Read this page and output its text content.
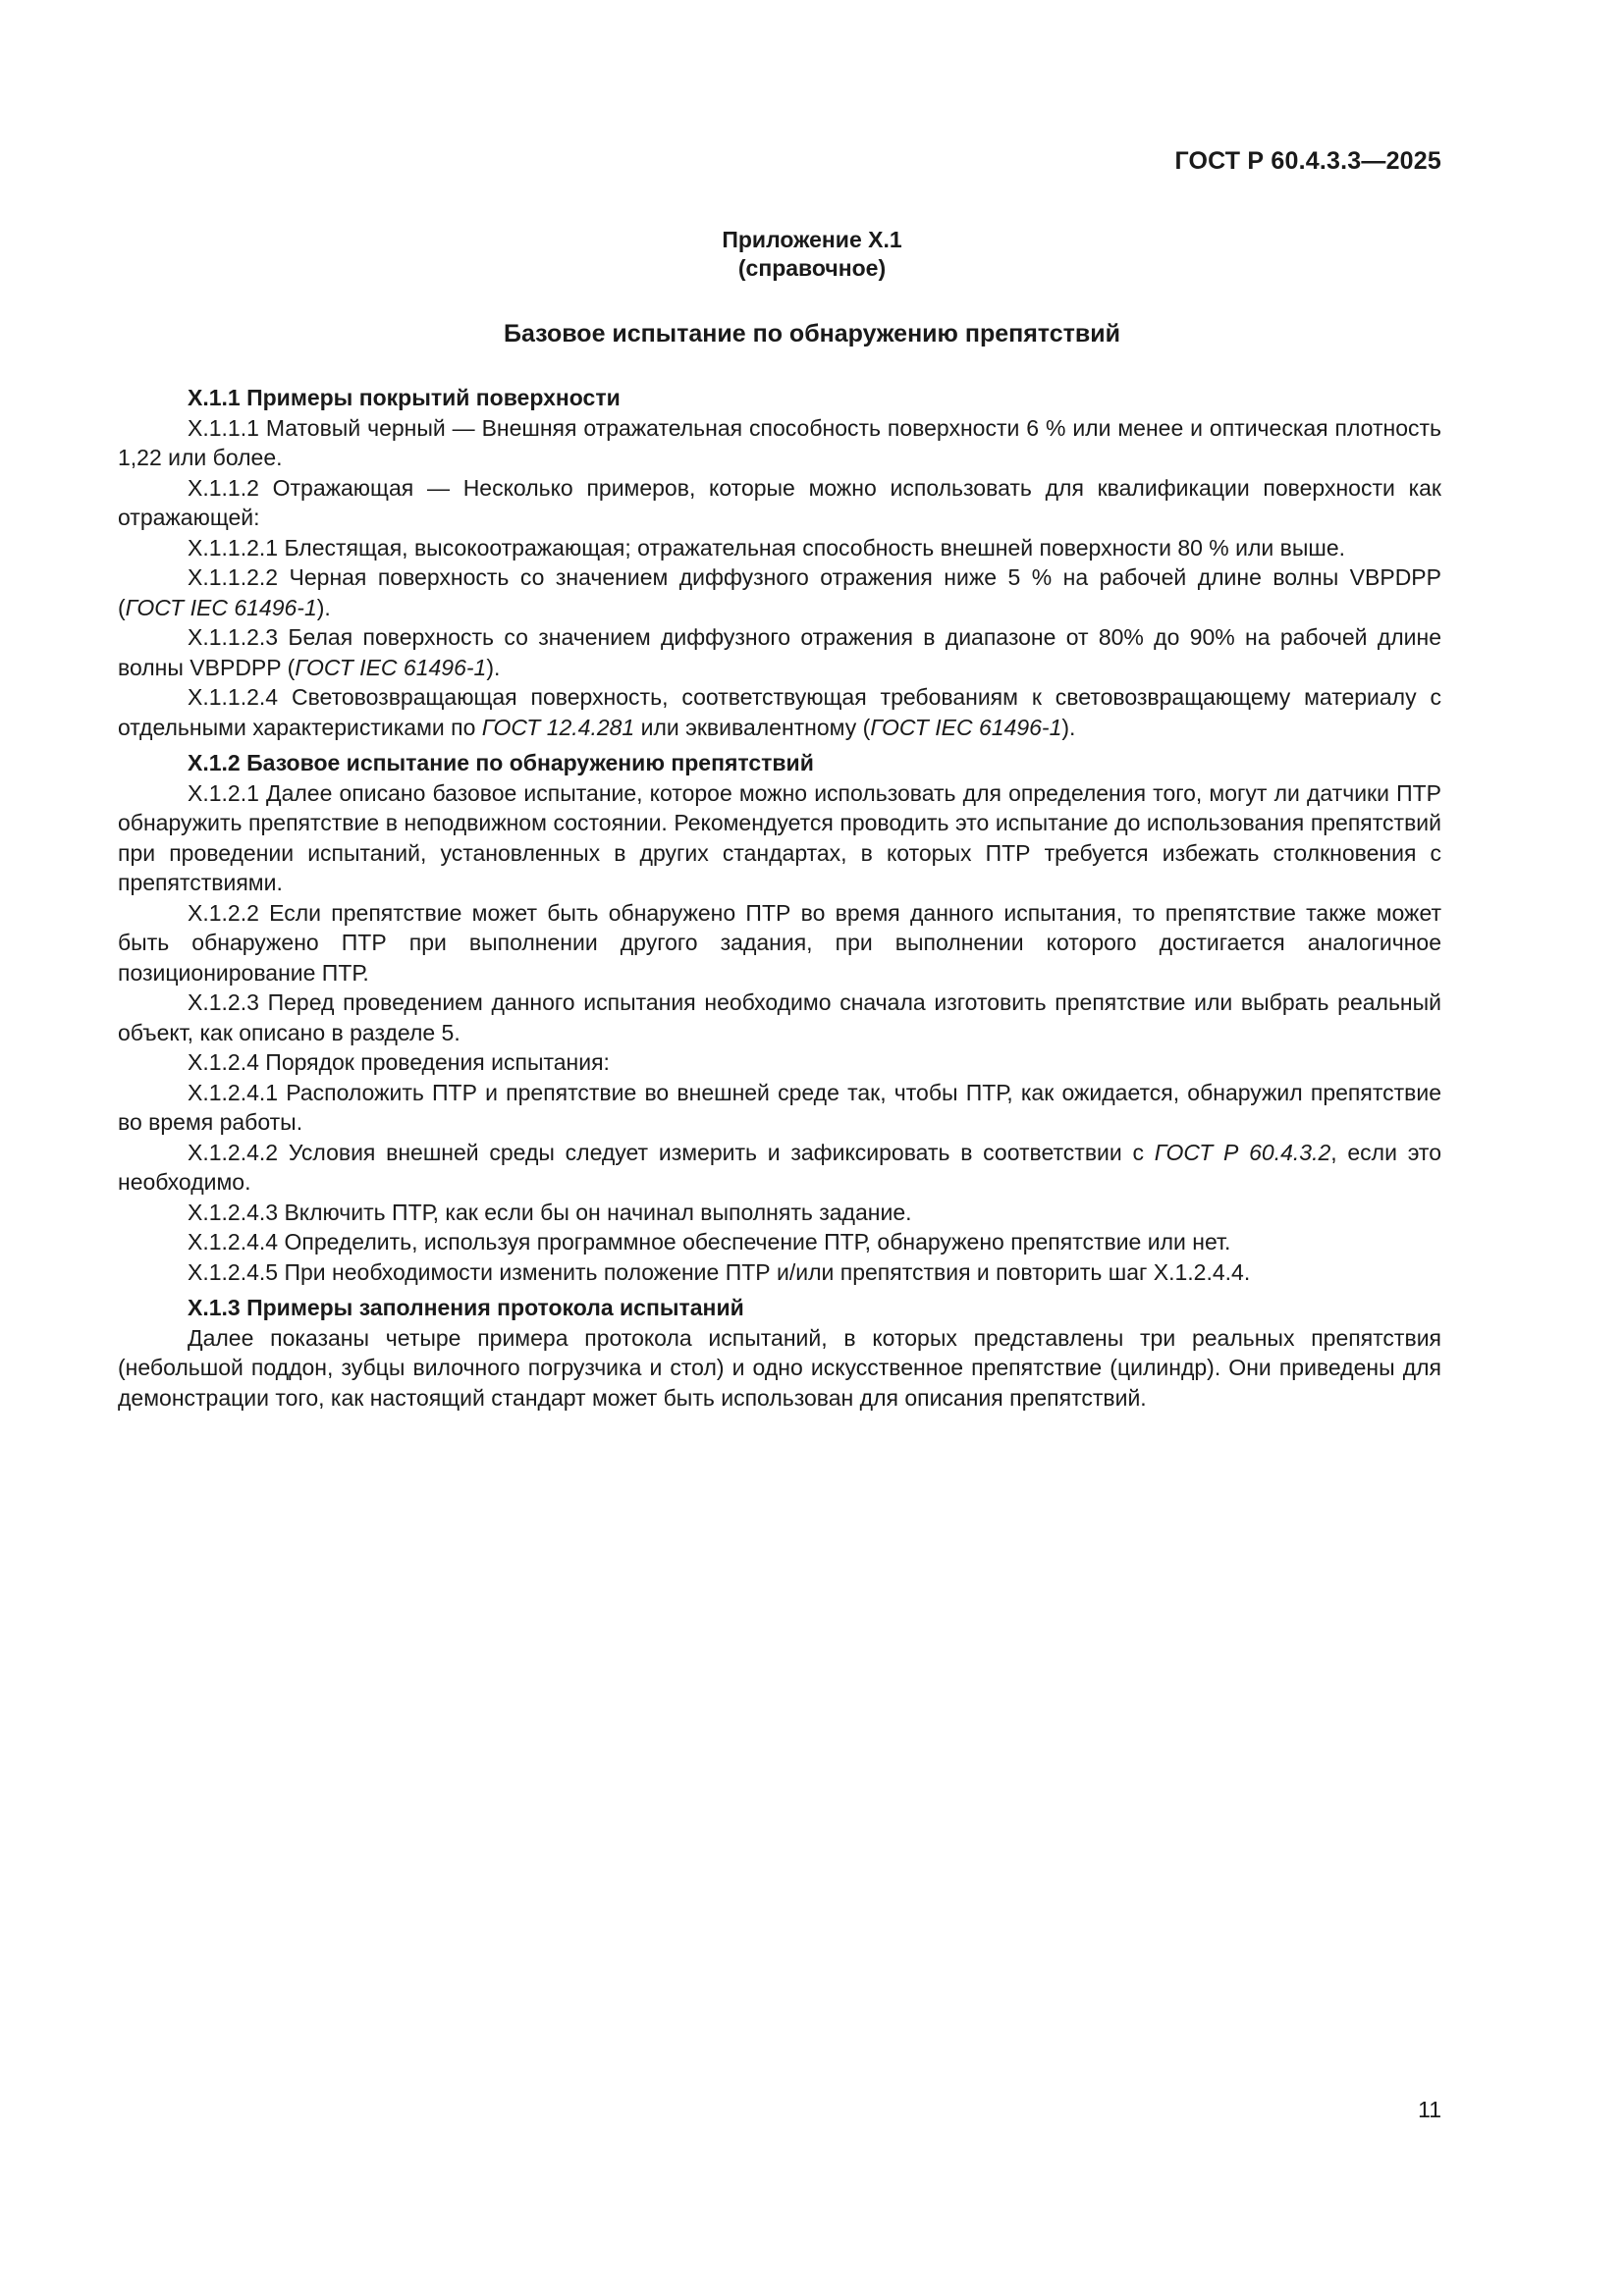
ГОСТ Р 60.4.3.3—2025
Приложение Х.1
(справочное)
Базовое испытание по обнаружению препятствий
Х.1.1 Примеры покрытий поверхности

Х.1.1.1 Матовый черный — Внешняя отражательная способность поверхности 6 % или менее и оптическая плотность 1,22 или более.

Х.1.1.2 Отражающая — Несколько примеров, которые можно использовать для квалификации поверхности как отражающей:

Х.1.1.2.1 Блестящая, высокоотражающая; отражательная способность внешней поверхности 80 % или выше.

Х.1.1.2.2 Черная поверхность со значением диффузного отражения ниже 5 % на рабочей длине волны VBPDPP (ГОСТ IEC 61496-1).

Х.1.1.2.3 Белая поверхность со значением диффузного отражения в диапазоне от 80% до 90% на рабочей длине волны VBPDPP (ГОСТ IEC 61496-1).

Х.1.1.2.4 Световозвращающая поверхность, соответствующая требованиям к световозвращающему материалу с отдельными характеристиками по ГОСТ 12.4.281 или эквивалентному (ГОСТ IEC 61496-1).

Х.1.2 Базовое испытание по обнаружению препятствий

Х.1.2.1 Далее описано базовое испытание, которое можно использовать для определения того, могут ли датчики ПТР обнаружить препятствие в неподвижном состоянии. Рекомендуется проводить это испытание до использования препятствий при проведении испытаний, установленных в других стандартах, в которых ПТР требуется избежать столкновения с препятствиями.

Х.1.2.2 Если препятствие может быть обнаружено ПТР во время данного испытания, то препятствие также может быть обнаружено ПТР при выполнении другого задания, при выполнении которого достигается аналогичное позиционирование ПТР.

Х.1.2.3 Перед проведением данного испытания необходимо сначала изготовить препятствие или выбрать реальный объект, как описано в разделе 5.

Х.1.2.4 Порядок проведения испытания:

Х.1.2.4.1 Расположить ПТР и препятствие во внешней среде так, чтобы ПТР, как ожидается, обнаружил препятствие во время работы.

Х.1.2.4.2 Условия внешней среды следует измерить и зафиксировать в соответствии с ГОСТ Р 60.4.3.2, если это необходимо.

Х.1.2.4.3 Включить ПТР, как если бы он начинал выполнять задание.

Х.1.2.4.4 Определить, используя программное обеспечение ПТР, обнаружено препятствие или нет.

Х.1.2.4.5 При необходимости изменить положение ПТР и/или препятствия и повторить шаг Х.1.2.4.4.

Х.1.3 Примеры заполнения протокола испытаний

Далее показаны четыре примера протокола испытаний, в которых представлены три реальных препятствия (небольшой поддон, зубцы вилочного погрузчика и стол) и одно искусственное препятствие (цилиндр). Они приведены для демонстрации того, как настоящий стандарт может быть использован для описания препятствий.

11
